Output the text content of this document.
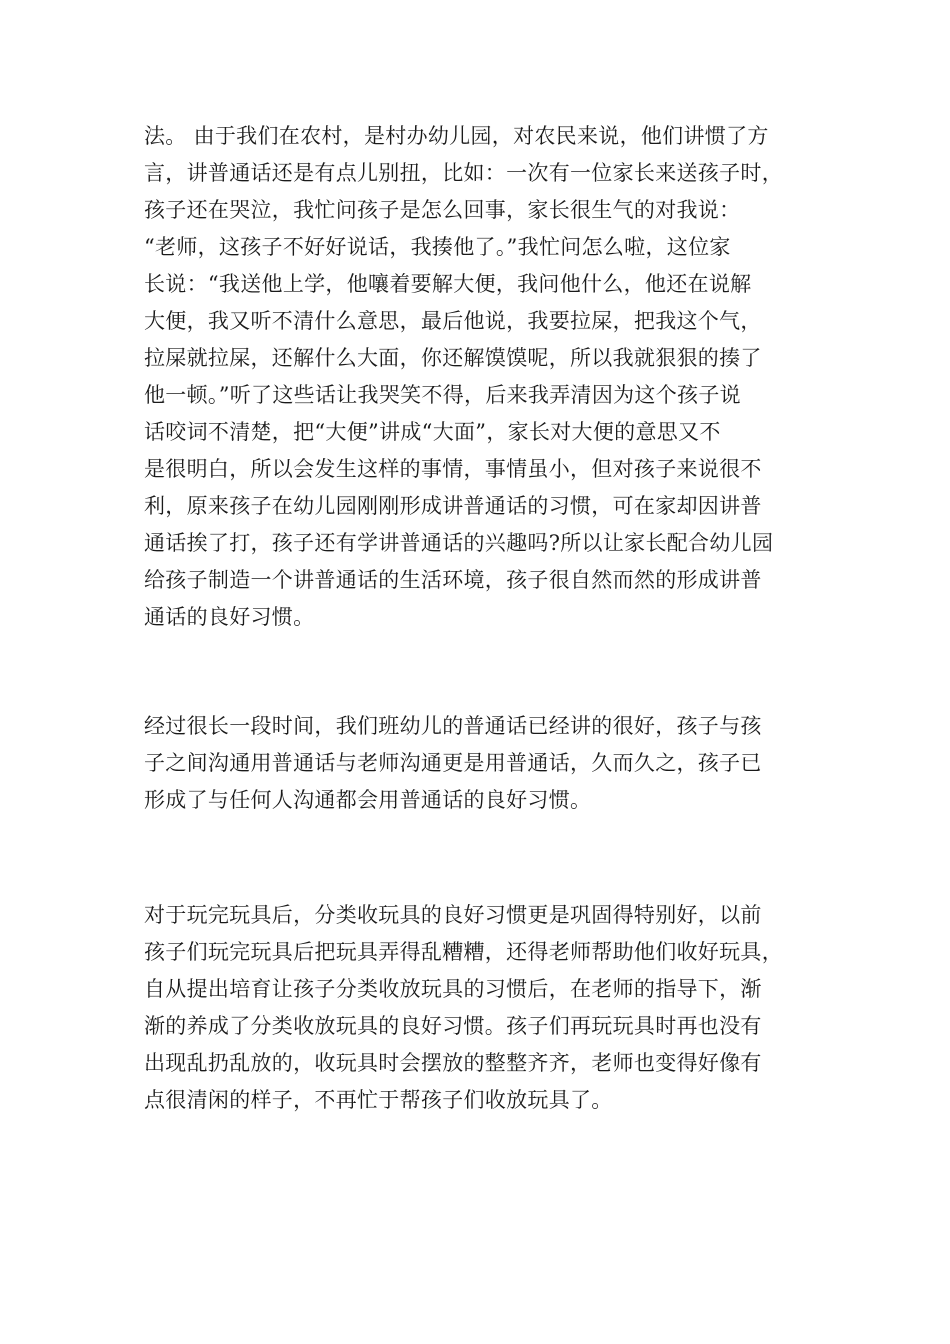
法。 由于我们在农村，是村办幼儿园，对农民来说，他们讲惯了方
言，讲普通话还是有点儿别扭，比如：一次有一位家长来送孩子时，
孩子还在哭泣，我忙问孩子是怎么回事，家长很生气的对我说：
“老师，这孩子不好好说话，我揍他了。”我忙问怎么啦，这位家
长说：“我送他上学，他嚷着要解大便，我问他什么，他还在说解
大便，我又听不清什么意思，最后他说，我要拉屎，把我这个气，
拉屎就拉屎，还解什么大面，你还解馍馍呢，所以我就狠狠的揍了
他一顿。”听了这些话让我哭笑不得，后来我弄清因为这个孩子说
话咬词不清楚，把“大便”讲成“大面”，家长对大便的意思又不
是很明白，所以会发生这样的事情，事情虽小，但对孩子来说很不
利，原来孩子在幼儿园刚刚形成讲普通话的习惯，可在家却因讲普
通话挨了打，孩子还有学讲普通话的兴趣吗?所以让家长配合幼儿园
给孩子制造一个讲普通话的生活环境，孩子很自然而然的形成讲普
通话的良好习惯。
经过很长一段时间，我们班幼儿的普通话已经讲的很好，孩子与孩
子之间沟通用普通话与老师沟通更是用普通话，久而久之，孩子已
形成了与任何人沟通都会用普通话的良好习惯。
对于玩完玩具后，分类收玩具的良好习惯更是巩固得特别好，以前
孩子们玩完玩具后把玩具弄得乱糟糟，还得老师帮助他们收好玩具，
自从提出培育让孩子分类收放玩具的习惯后，在老师的指导下，渐
渐的养成了分类收放玩具的良好习惯。孩子们再玩玩具时再也没有
出现乱扔乱放的，收玩具时会摆放的整整齐齐，老师也变得好像有
点很清闲的样子，不再忙于帮孩子们收放玩具了。
